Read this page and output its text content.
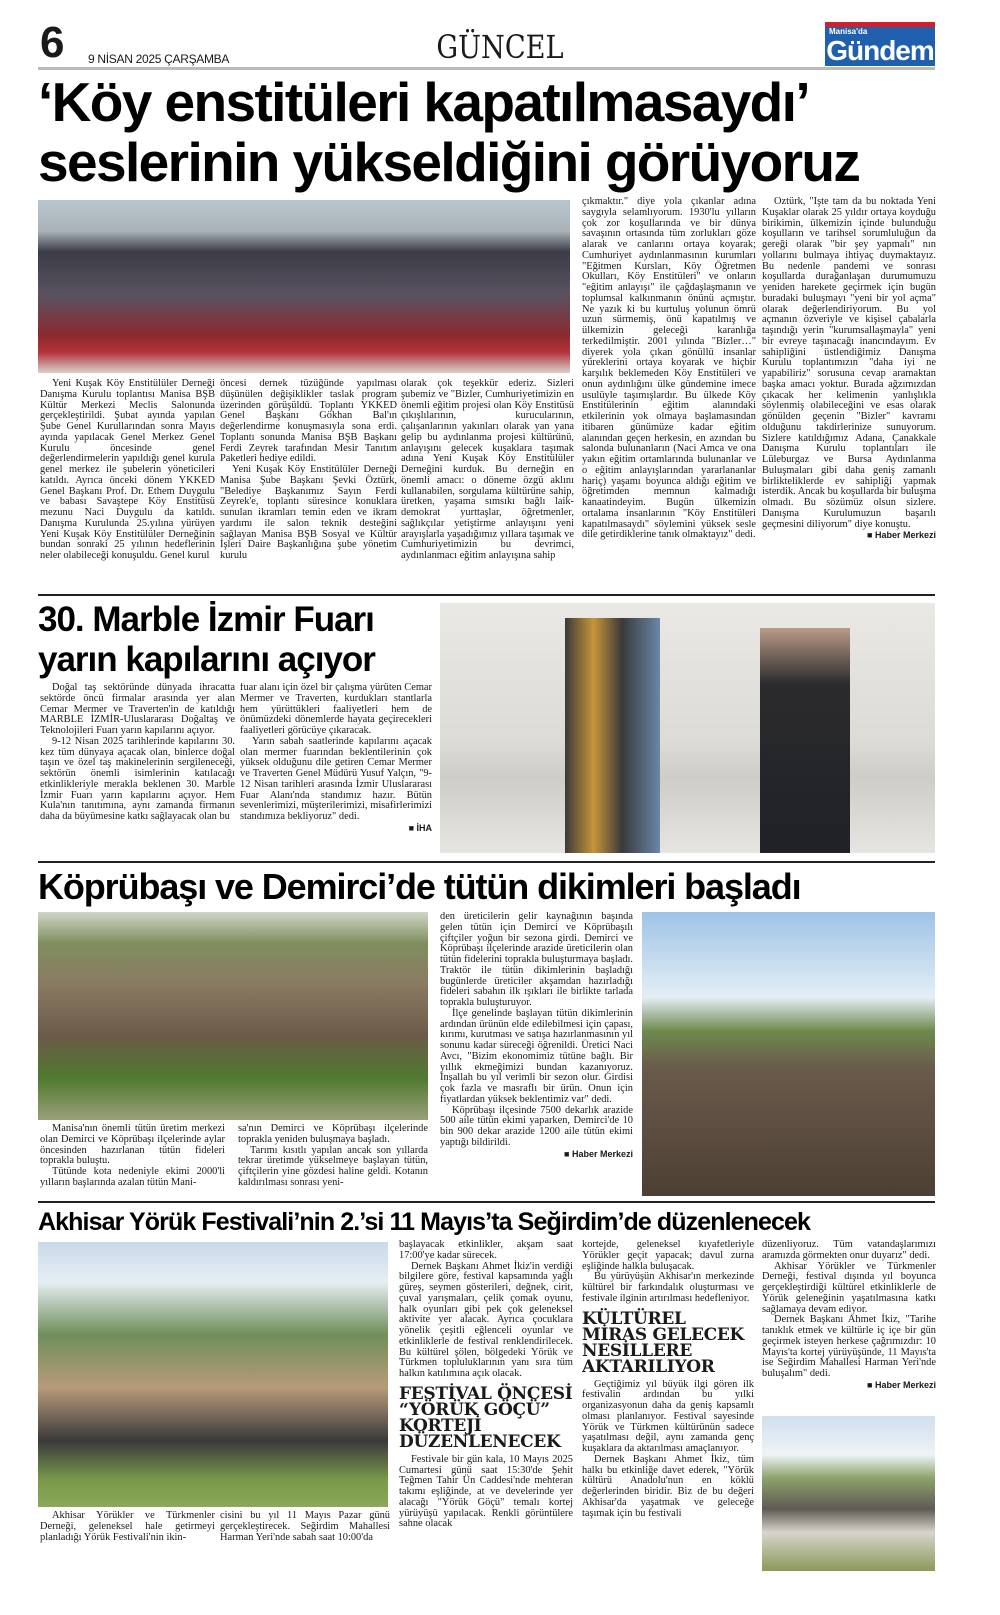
6 9 NİSAN 2025 ÇARŞAMBA	GÜNCEL	Manisa'da
Gündem
‘Köy enstitüleri kapatılmasaydı’
seslerinin yükseldiğini görüyoruz

Yeni Kuşak Köy Enstitülüler Derneği Danışma Kurulu toplantısı Manisa BŞB Kültür Merkezi Meclis Salonunda gerçekleştirildi. Şubat ayında yapılan Şube Genel Kurullarından sonra Mayıs ayında yapılacak Genel Merkez Genel Kurulu öncesinde genel değerlendirmelerin yapıldığı genel kurula genel merkez ile şubelerin yöneticileri katıldı. Ayrıca önceki dönem YKKED Genel Başkanı Prof. Dr. Ethem Duygulu ve babası Savaştepe Köy Enstitüsü mezunu Naci Duygulu da katıldı. Danışma Kurulunda 25.yılına yürüyen Yeni Kuşak Köy Enstitülüler Derneğinin bundan sonraki 25 yılının hedeflerinin neler olabileceği konuşuldu. Genel kurul

öncesi dernek tüzüğünde yapılması düşünülen değişiklikler taslak program üzerinden görüşüldü. Toplantı YKKED Genel Başkanı Gökhan Bal'ın değerlendirme konuşmasıyla sona erdi. Toplantı sonunda Manisa BŞB Başkanı Ferdi Zeyrek tarafından Mesir Tanıtım Paketleri hediye edildi.

Yeni Kuşak Köy Enstitülüler Derneği Manisa Şube Başkanı Şevki Öztürk, "Belediye Başkanımız Sayın Ferdi Zeyrek'e, toplantı süresince konuklara sunulan ikramları temin eden ve ikram yardımı ile salon teknik desteğini sağlayan Manisa BŞB Sosyal ve Kültür İşleri Daire Başkanlığına şube yönetim kurulu

olarak çok teşekkür ederiz. Sizleri şubemiz ve "Bizler, Cumhuriyetimizin en önemli eğitim projesi olan Köy Enstitüsü çıkışlılarının, kurucularının, çalışanlarının yakınları olarak yan yana gelip bu aydınlanma projesi kültürünü, anlayışını gelecek kuşaklara taşımak adına Yeni Kuşak Köy Enstitülüler Derneğini kurduk. Bu derneğin en önemli amacı: o döneme özgü aklını kullanabilen, sorgulama kültürüne sahip, üretken, yaşama sımsıkı bağlı laik-demokrat yurttaşlar, öğretmenler, sağlıkçılar yetiştirme anlayışını yeni arayışlarla yaşadığımız yıllara taşımak ve Cumhuriyetimizin bu devrimci, aydınlanmacı eğitim anlayışına sahip

çıkmaktır." diye yola çıkanlar adına saygıyla selamlıyorum. 1930'lu yılların çok zor koşullarında ve bir dünya savaşının ortasında tüm zorlukları göze alarak ve canlarını ortaya koyarak; Cumhuriyet aydınlanmasının kurumları "Eğitmen Kursları, Köy Öğretmen Okulları, Köy Enstitüleri" ve onların "eğitim anlayışı" ile çağdaşlaşmanın ve toplumsal kalkınmanın önünü açmıştır. Ne yazık ki bu kurtuluş yolunun ömrü uzun sürmemiş, önü kapatılmış ve ülkemizin geleceği karanlığa terkedilmiştir. 2001 yılında "Bizler…" diyerek yola çıkan gönüllü insanlar yüreklerini ortaya koyarak ve hiçbir karşılık beklemeden Köy Enstitüleri ve onun aydınlığını ülke gündemine imece usulüyle taşımışlardır. Bu ülkede Köy Enstitülerinin eğitim alanındaki etkilerinin yok olmaya başlamasından itibaren günümüze kadar eğitim alanından geçen herkesin, en azından bu salonda bulunanların (Naci Amca ve ona yakın eğitim ortamlarında bulunanlar ve o eğitim anlayışlarından yararlananlar hariç) yaşamı boyunca aldığı eğitim ve öğretimden memnun kalmadığı kanaatindeyim. Bugün ülkemizin ortalama insanlarının "Köy Enstitüleri kapatılmasaydı" söylemini yüksek sesle dile getirdiklerine tanık olmaktayız" dedi.

Öztürk, "İşte tam da bu noktada Yeni Kuşaklar olarak 25 yıldır ortaya koyduğu birikimin, ülkemizin içinde bulunduğu koşulların ve tarihsel sorumluluğun da gereği olarak "bir şey yapmalı" nın yollarını bulmaya ihtiyaç duymaktayız. Bu nedenle pandemi ve sonrası koşullarda durağanlaşan durumumuzu yeniden harekete geçirmek için bugün buradaki buluşmayı "yeni bir yol açma" olarak değerlendiriyorum. Bu yol açmanın özveriyle ve kişisel çabalarla taşındığı yerin "kurumsallaşmayla" yeni bir evreye taşınacağı inancındayım. Ev sahipliğini üstlendiğimiz Danışma Kurulu toplantımızın "daha iyi ne yapabiliriz" sorusuna cevap aramaktan başka amacı yoktur. Burada ağzımızdan çıkacak her kelimenin yanlışlıkla söylenmiş olabileceğini ve esas olarak gönülden geçenin "Bizler" kavramı olduğunu takdirlerinize sunuyorum. Sizlere katıldığımız Adana, Çanakkale Danışma Kurulu toplantıları ile Lüleburgaz ve Bursa Aydınlanma Buluşmaları gibi daha geniş zamanlı birlikteliklerde ev sahipliği yapmak isterdik. Ancak bu koşullarda bir buluşma olmadı. Bu sözümüz olsun sizlere. Danışma Kurulumuzun başarılı geçmesini diliyorum" diye konuştu.

■ Haber Merkezi
30. Marble İzmir Fuarı
yarın kapılarını açıyor

Doğal taş sektöründe dünyada ihracatta sektörde öncü firmalar arasında yer alan Cemar Mermer ve Traverten'in de katıldığı MARBLE İZMİR-Uluslararası Doğaltaş ve Teknolojileri Fuarı yarın kapılarını açıyor.

9-12 Nisan 2025 tarihlerinde kapılarını 30. kez tüm dünyaya açacak olan, binlerce doğal taşın ve özel taş makinelerinin sergileneceği, sektörün önemli isimlerinin katılacağı etkinlikleriyle merakla beklenen 30. Marble İzmir Fuarı yarın kapılarını açıyor. Hem Kula'nın tanıtımına, aynı zamanda firmanın daha da büyümesine katkı sağlayacak olan bu

fuar alanı için özel bir çalışma yürüten Cemar Mermer ve Traverten, kurdukları stantlarla hem yürüttükleri faaliyetleri hem de önümüzdeki dönemlerde hayata geçirecekleri faaliyetleri görücüye çıkaracak.

Yarın sabah saatlerinde kapılarını açacak olan mermer fuarından beklentilerinin çok yüksek olduğunu dile getiren Cemar Mermer ve Traverten Genel Müdürü Yusuf Yalçın, "9-12 Nisan tarihleri arasında İzmir Uluslararası Fuar Alanı'nda standımız hazır. Bütün sevenlerimizi, müşterilerimizi, misafirlerimizi standımıza bekliyoruz" dedi.

■ İHA
Köprübaşı ve Demirci’de tütün dikimleri başladı

Manisa'nın önemli tütün üretim merkezi olan Demirci ve Köprübaşı ilçelerinde aylar öncesinden hazırlanan tütün fideleri toprakla buluştu.

Tütünde kota nedeniyle ekimi 2000'li yılların başlarında azalan tütün Mani-

sa'nın Demirci ve Köprübaşı ilçelerinde toprakla yeniden buluşmaya başladı.

Tarımı kısıtlı yapılan ancak son yıllarda tekrar üretimde yükselmeye başlayan tütün, çiftçilerin yine gözdesi haline geldi. Kotanın kaldırılması sonrası yeni-

den üreticilerin gelir kaynağının başında gelen tütün için Demirci ve Köprübaşılı çiftçiler yoğun bir sezona girdi. Demirci ve Köprübaşı ilçelerinde arazide üreticilerin olan tütün fidelerini toprakla buluşturmaya başladı. Traktör ile tütün dikimlerinin başladığı bugünlerde üreticiler akşamdan hazırladığı fideleri sabahın ilk ışıkları ile birlikte tarlada toprakla buluşturuyor.

İlçe genelinde başlayan tütün dikimlerinin ardından ürünün elde edilebilmesi için çapası, kırımı, kurutması ve satışa hazırlanmasının yıl sonunu kadar süreceği öğrenildi. Üretici Naci Avcı, "Bizim ekonomimiz tütüne bağlı. Bir yıllık ekmeğimizi bundan kazanıyoruz. İnşallah bu yıl verimli bir sezon olur. Girdisi çok fazla ve masraflı bir ürün. Onun için fiyatlardan yüksek beklentimiz var" dedi.

Köprübaşı ilçesinde 7500 dekarlık arazide 500 aile tütün ekimi yaparken, Demirci'de 10 bin 900 dekar arazide 1200 aile tütün ekimi yaptığı bildirildi.

■ Haber Merkezi
Akhisar Yörük Festivali’nin 2.’si 11 Mayıs’ta Seğirdim’de düzenlenecek

Akhisar Yörükler ve Türkmenler Derneği, geleneksel hale getirmeyi planladığı Yörük Festivali'nin ikin-

cisini bu yıl 11 Mayıs Pazar günü gerçekleştirecek. Seğirdim Mahallesi Harman Yeri'nde sabah saat 10:00'da

başlayacak etkinlikler, akşam saat 17:00'ye kadar sürecek.

Dernek Başkanı Ahmet İkiz'in verdiği bilgilere göre, festival kapsamında yağlı güreş, seymen gösterileri, değnek, cirit, çuval yarışmaları, çelik çomak oyunu, halk oyunları gibi pek çok geleneksel aktivite yer alacak. Ayrıca çocuklara yönelik çeşitli eğlenceli oyunlar ve etkinliklerle de festival renklendirilecek. Bu kültürel şölen, bölgedeki Yörük ve Türkmen topluluklarının yanı sıra tüm halkın katılımına açık olacak.

FESTİVAL ÖNCESİ “YÖRÜK GÖÇÜ” KORTEJİ DÜZENLENECEK

Festivale bir gün kala, 10 Mayıs 2025 Cumartesi günü saat 15:30'de Şehit Teğmen Tahir Ün Caddesi'nde mehteran takımı eşliğinde, at ve develerinde yer alacağı "Yörük Göçü" temalı kortej yürüyüşü yapılacak. Renkli görüntülere sahne olacak

kortejde, geleneksel kıyafetleriyle Yörükler geçit yapacak; davul zurna eşliğinde halkla buluşacak.

Bu yürüyüşün Akhisar'ın merkezinde kültürel bir farkındalık oluşturması ve festivale ilginin artırılması hedefleniyor.

KÜLTÜREL MİRAS GELECEK NESİLLERE AKTARILIYOR

Geçtiğimiz yıl büyük ilgi gören ilk festivalin ardından bu yılki organizasyonun daha da geniş kapsamlı olması planlanıyor. Festival sayesinde Yörük ve Türkmen kültürünün sadece yaşatılması değil, aynı zamanda genç kuşaklara da aktarılması amaçlanıyor.

Dernek Başkanı Ahmet İkiz, tüm halkı bu etkinliğe davet ederek, "Yörük kültürü Anadolu'nun en köklü değerlerinden biridir. Biz de bu değeri Akhisar'da yaşatmak ve geleceğe taşımak için bu festivali

düzenliyoruz. Tüm vatandaşlarımızı aramızda görmekten onur duyarız" dedi.

Akhisar Yörükler ve Türkmenler Derneği, festival dışında yıl boyunca gerçekleştirdiği kültürel etkinliklerle de Yörük geleneğinin yaşatılmasına katkı sağlamaya devam ediyor.

Dernek Başkanı Ahmet İkiz, "Tarihe tanıklık etmek ve kültürle iç içe bir gün geçirmek isteyen herkese çağrımızdır: 10 Mayıs'ta kortej yürüyüşünde, 11 Mayıs'ta ise Seğirdim Mahallesi Harman Yeri'nde buluşalım" dedi.

■ Haber Merkezi
